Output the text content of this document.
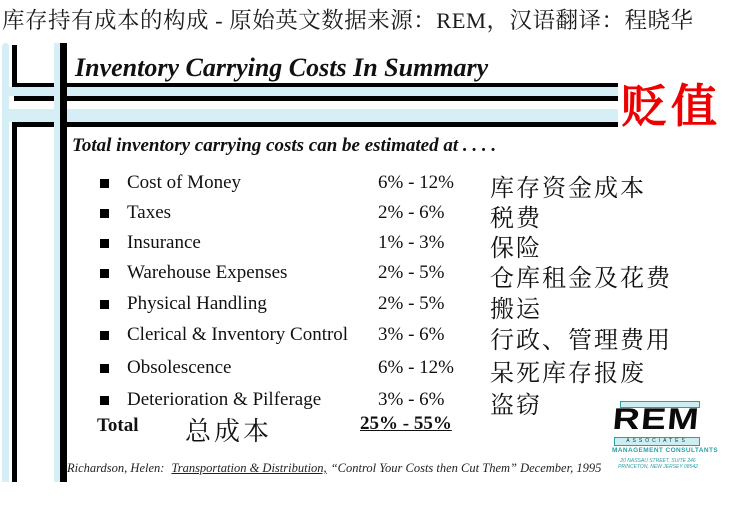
库存持有成本的构成 - 原始英文数据来源：REM，汉语翻译：程晓华
Inventory Carrying Costs In Summary
贬值
Total inventory carrying costs can be estimated at . . . .
Cost of Money	6% - 12% 库存资金成本
Taxes	2% - 6% 税费
Insurance	1% - 3% 保险
Warehouse Expenses	2% - 5% 仓库租金及花费
Physical Handling	2% - 5% 搬运
Clerical & Inventory Control 3% - 6% 行政、管理费用
Obsolescence	6% - 12% 呆死库存报废
Deterioration & Pilferage	3% - 6% 盗窃
Total 总成本	25% - 55%
Richardson, Helen: Transportation & Distribution, “Control Your Costs then Cut Them” December, 1995
REM
ASSOCIATES
MANAGEMENT CONSULTANTS
20 NASSAU STREET, SUITE 246
PRINCETON, NEW JERSEY 08542
